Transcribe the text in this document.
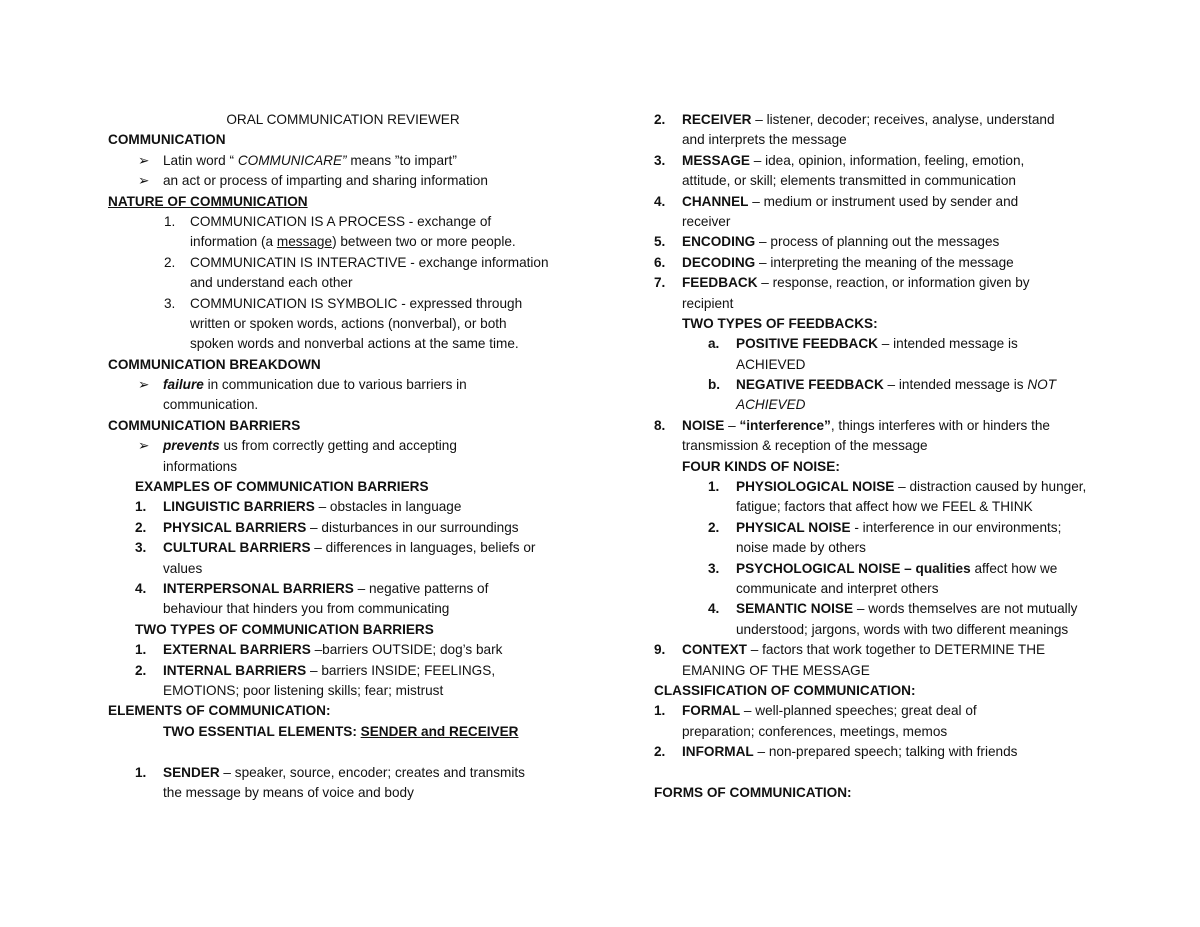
ORAL COMMUNICATION REVIEWER
COMMUNICATION
➢ Latin word “ COMMUNICARE” means ”to impart”
➢ an act or process of imparting and sharing information
NATURE OF COMMUNICATION
1.	COMMUNICATION IS A PROCESS - exchange of
information (a message) between two or more people.
2.	COMMUNICATIN IS INTERACTIVE - exchange information
and understand each other
3.	COMMUNICATION IS SYMBOLIC - expressed through
written or spoken words, actions (nonverbal), or both
spoken words and nonverbal actions at the same time.
COMMUNICATION BREAKDOWN
➢ failure in communication due to various barriers in
communication.
COMMUNICATION BARRIERS
➢ prevents us from correctly getting and accepting
informations
EXAMPLES OF COMMUNICATION BARRIERS
1.	LINGUISTIC BARRIERS – obstacles in language
2.	PHYSICAL BARRIERS – disturbances in our surroundings
3.	CULTURAL BARRIERS – differences in languages, beliefs or
values
4.	INTERPERSONAL BARRIERS – negative patterns of
behaviour that hinders you from communicating
TWO TYPES OF COMMUNICATION BARRIERS
1.	EXTERNAL BARRIERS –barriers OUTSIDE; dog’s bark
2.	INTERNAL BARRIERS – barriers INSIDE; FEELINGS,
EMOTIONS; poor listening skills; fear; mistrust
ELEMENTS OF COMMUNICATION:
TWO ESSENTIAL ELEMENTS: SENDER and RECEIVER
1.	SENDER – speaker, source, encoder; creates and transmits
the message by means of voice and body
2.	RECEIVER – listener, decoder; receives, analyse, understand
and interprets the message
3.	MESSAGE – idea, opinion, information, feeling, emotion,
attitude, or skill; elements transmitted in communication
4.	CHANNEL – medium or instrument used by sender and
receiver
5.	ENCODING – process of planning out the messages
6.	DECODING – interpreting the meaning of the message
7.	FEEDBACK – response, reaction, or information given by
recipient
TWO TYPES OF FEEDBACKS:
a.	POSITIVE FEEDBACK – intended message is
ACHIEVED
b.	NEGATIVE FEEDBACK – intended message is NOT
ACHIEVED
8.	NOISE – “interference”, things interferes with or hinders the
transmission & reception of the message
FOUR KINDS OF NOISE:
1.	PHYSIOLOGICAL NOISE – distraction caused by hunger,
fatigue; factors that affect how we FEEL & THINK
2.	PHYSICAL NOISE - interference in our environments;
noise made by others
3.	PSYCHOLOGICAL NOISE – qualities affect how we
communicate and interpret others
4.	SEMANTIC NOISE – words themselves are not mutually
understood; jargons, words with two different meanings
9.	CONTEXT – factors that work together to DETERMINE THE
EMANING OF THE MESSAGE
CLASSIFICATION OF COMMUNICATION:
1.	FORMAL – well-planned speeches; great deal of
preparation; conferences, meetings, memos
2.	INFORMAL – non-prepared speech; talking with friends
FORMS OF COMMUNICATION:
